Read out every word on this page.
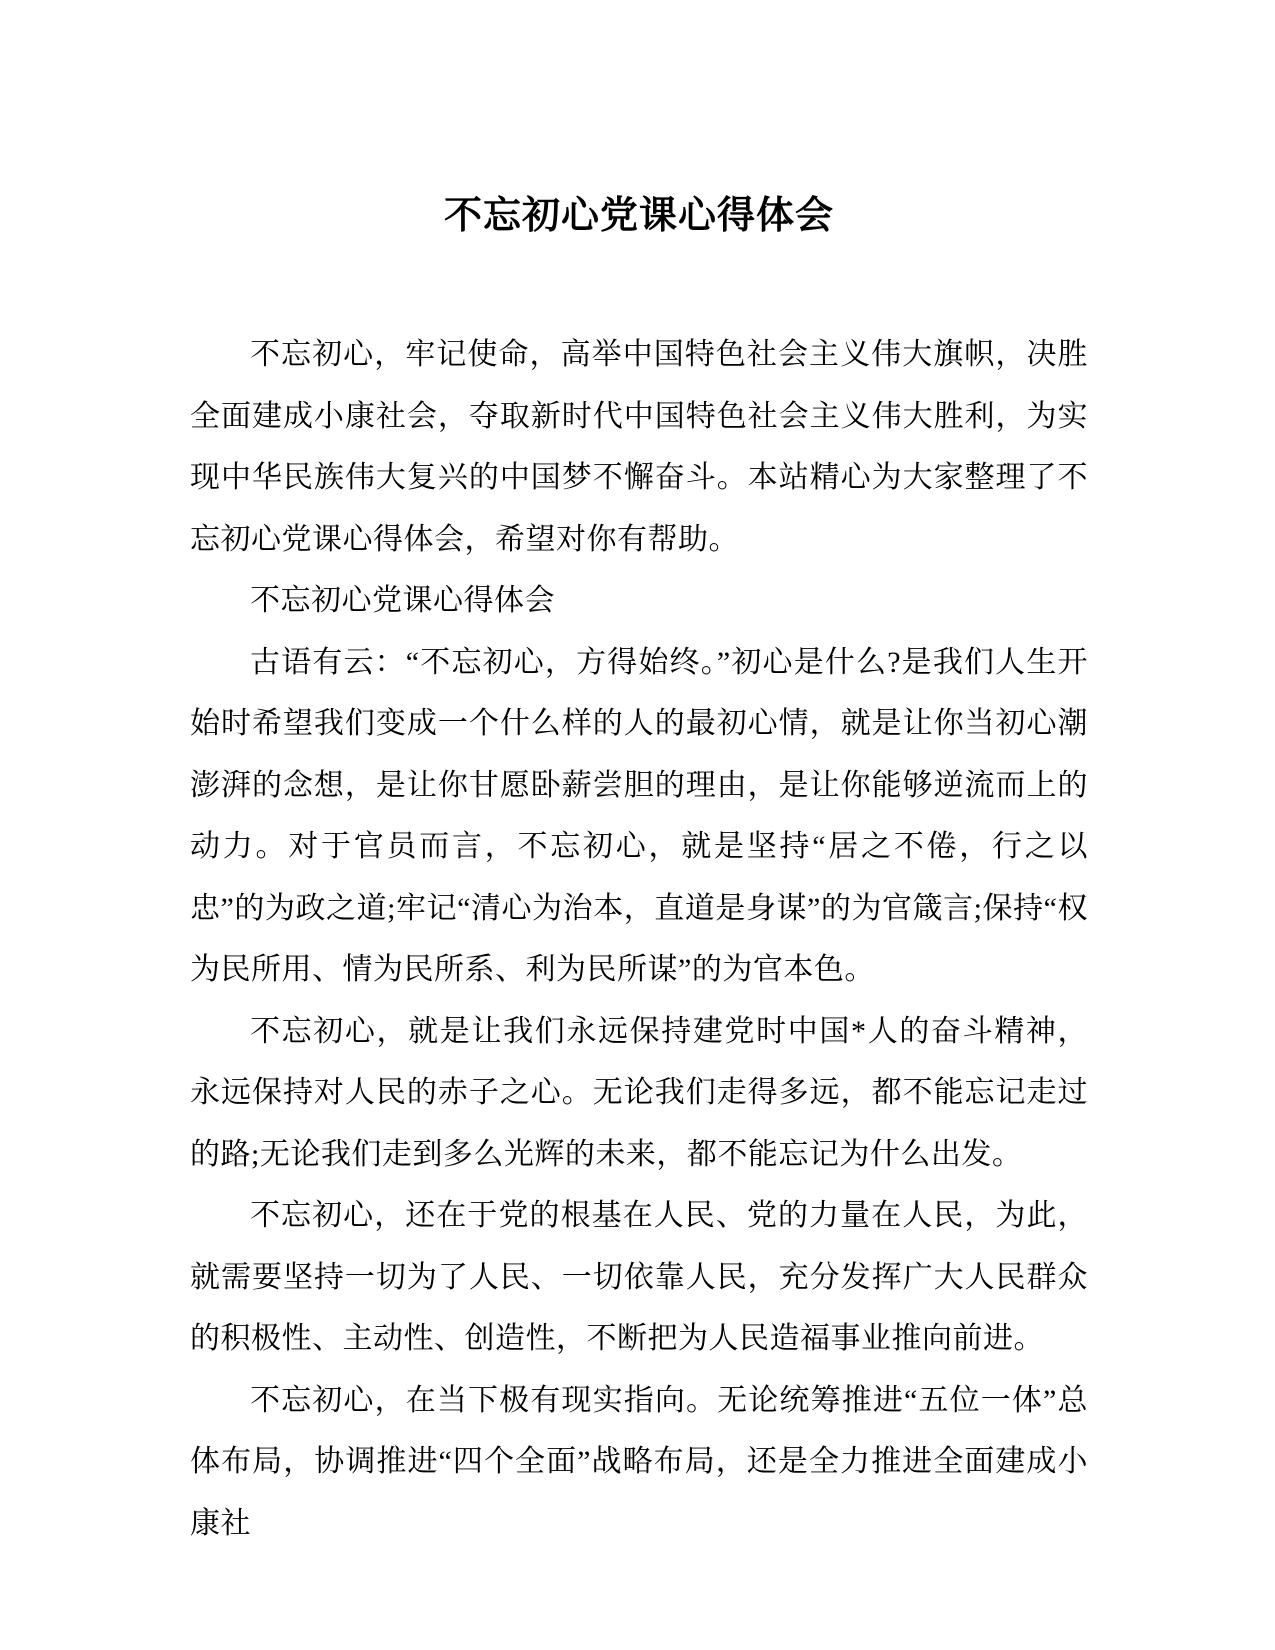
不忘初心党课心得体会

不忘初心，牢记使命，高举中国特色社会主义伟大旗帜，决胜全面建成小康社会，夺取新时代中国特色社会主义伟大胜利，为实现中华民族伟大复兴的中国梦不懈奋斗。本站精心为大家整理了不忘初心党课心得体会，希望对你有帮助。

不忘初心党课心得体会

古语有云：“不忘初心，方得始终。”初心是什么?是我们人生开始时希望我们变成一个什么样的人的最初心情，就是让你当初心潮澎湃的念想，是让你甘愿卧薪尝胆的理由，是让你能够逆流而上的动力。对于官员而言，不忘初心，就是坚持“居之不倦，行之以忠”的为政之道;牢记“清心为治本，直道是身谋”的为官箴言;保持“权为民所用、情为民所系、利为民所谋”的为官本色。

不忘初心，就是让我们永远保持建党时中国*人的奋斗精神，永远保持对人民的赤子之心。无论我们走得多远，都不能忘记走过的路;无论我们走到多么光辉的未来，都不能忘记为什么出发。

不忘初心，还在于党的根基在人民、党的力量在人民，为此，就需要坚持一切为了人民、一切依靠人民，充分发挥广大人民群众的积极性、主动性、创造性，不断把为人民造福事业推向前进。

不忘初心，在当下极有现实指向。无论统筹推进“五位一体”总体布局，协调推进“四个全面”战略布局，还是全力推进全面建成小康社
